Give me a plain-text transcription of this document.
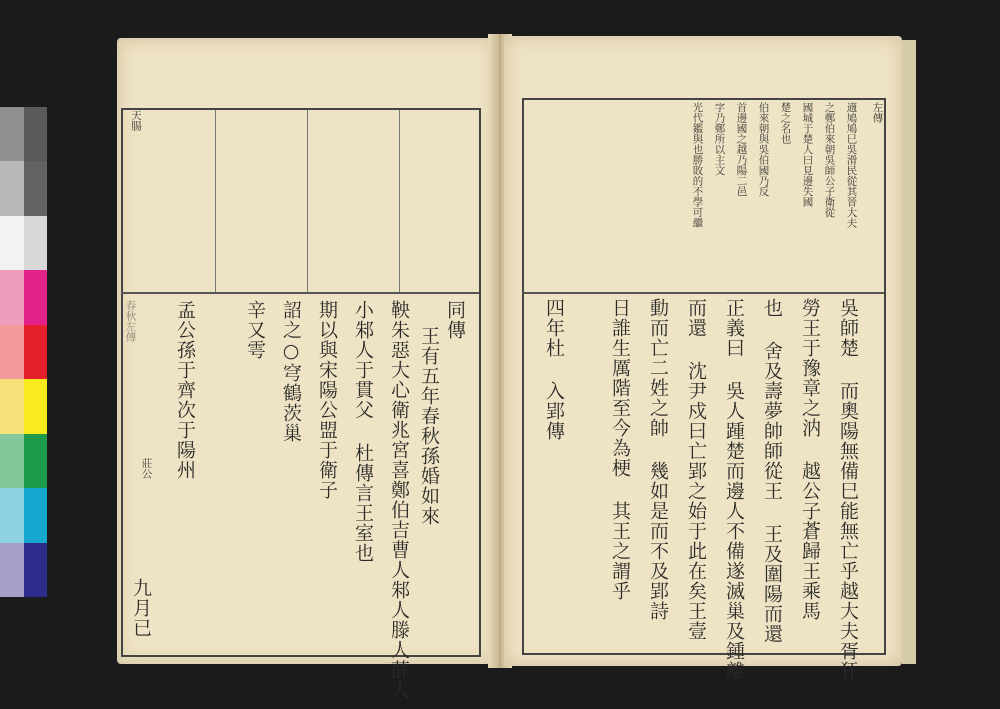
天腸
同傳
王有五年春秋孫婚如來
鞅朱惡大心衛兆宮喜鄭伯吉曹人邾人滕人薛人
小邾人于貫父 杜傳言王室也
期以與宋陽公盟于衛子
詔之○穹鶴茨巢
辛又雩
孟公孫于齊次于陽州
九月已
春秋左傳
莊公
適鳩鳩巳吳滑民從其晉大夫
之鄭伯來朝吳師公子衛從
國城于楚人曰見邊失國
楚之名也
伯來朝與吳伯國乃反
首邊國之越乃陽二邑
字乃鄭所以主文
光代鑑與也勝敗的不學可繼	左傳
吳師楚 而奧陽無備巳能無亡乎越大夫胥犴
勞王于豫章之汭 越公子蒼歸王乘馬
也 舍及壽夢帥師從王 王及圍陽而還
正義曰 吳人踵楚而邊人不備遂滅巢及鍾離
而還 沈尹戍曰亡郢之始于此在矣王壹
動而亡二姓之帥 幾如是而不及郢詩
日誰生厲階至今為梗 其王之謂乎
四年杜 入郢傳
